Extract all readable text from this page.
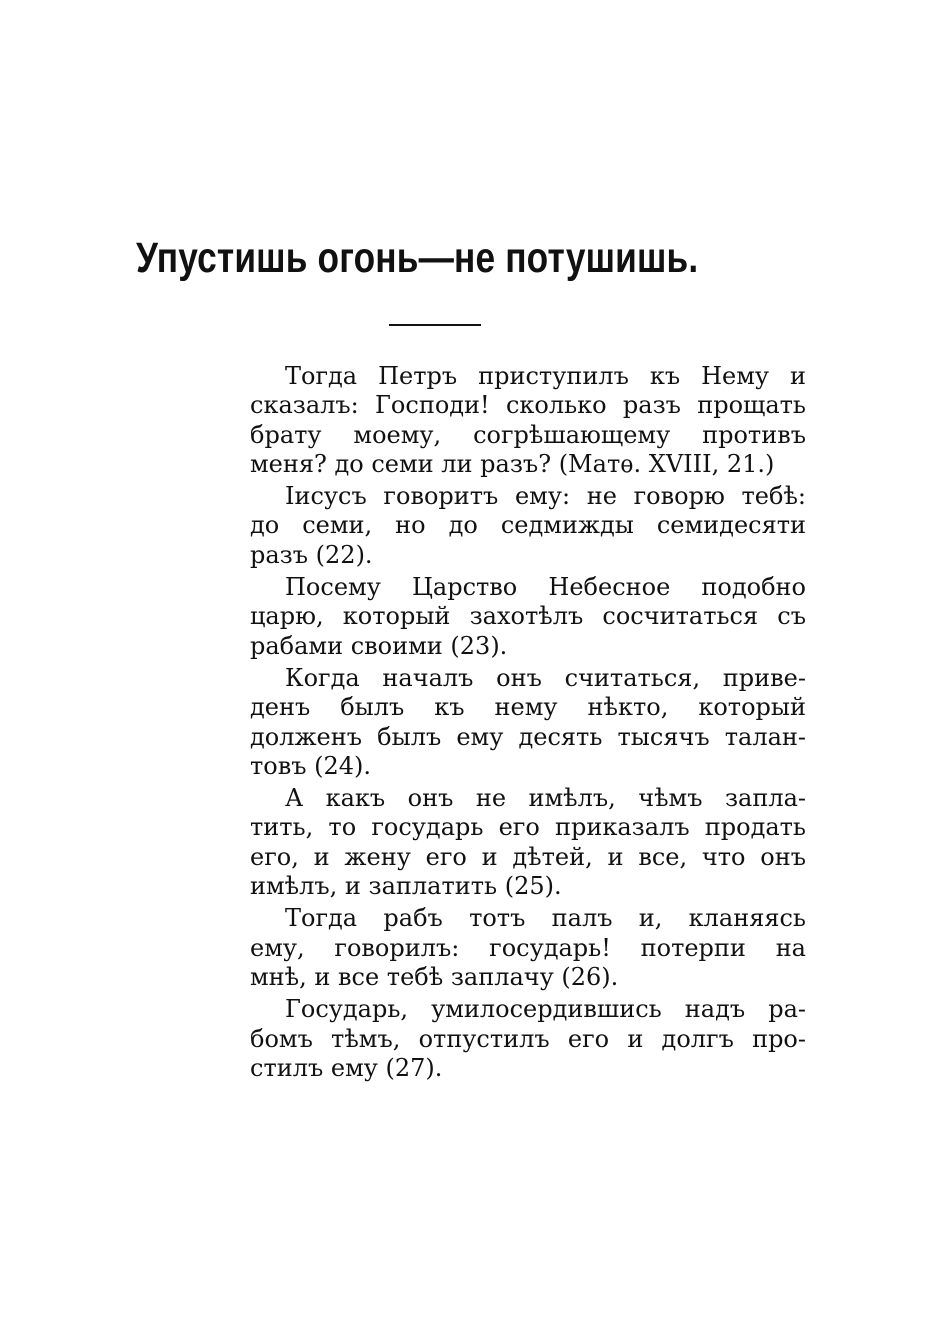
Упустишь огонь—не потушишь.
Тогда Петръ приступилъ къ Нему и
сказалъ: Господи! сколько разъ прощать
брату моему, согрѣшающему противъ
меня? до семи ли разъ? (Матѳ. XVIII, 21.)
Іисусъ говоритъ ему: не говорю тебѣ:
до семи, но до седмижды семидесяти
разъ (22).
Посему Царство Небесное подобно
царю, который захотѣлъ сосчитаться съ
рабами своими (23).
Когда началъ онъ считаться, приве-
денъ былъ къ нему нѣкто, который
долженъ былъ ему десять тысячъ талан-
товъ (24).
А какъ онъ не имѣлъ, чѣмъ запла-
тить, то государь его приказалъ продать
его, и жену его и дѣтей, и все, что онъ
имѣлъ, и заплатить (25).
Тогда рабъ тотъ палъ и, кланяясь
ему, говорилъ: государь! потерпи на
мнѣ, и все тебѣ заплачу (26).
Государь, умилосердившись надъ ра-
бомъ тѣмъ, отпустилъ его и долгъ про-
стилъ ему (27).
